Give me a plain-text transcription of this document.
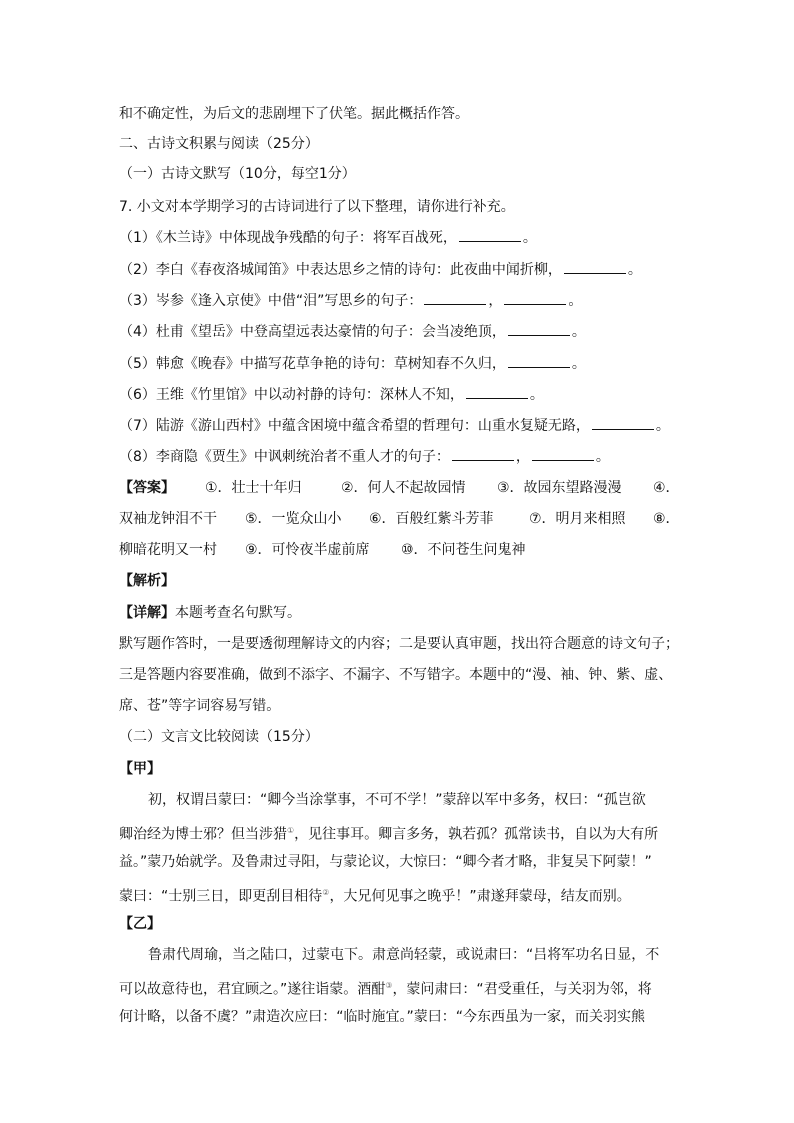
和不确定性，为后文的悲剧埋下了伏笔。据此概括作答。
二、古诗文积累与阅读（25分）
（一）古诗文默写（10分，每空1分）
7. 小文对本学期学习的古诗词进行了以下整理，请你进行补充。
（1）《木兰诗》中体现战争残酷的句子：将军百战死，	。
（2）李白《春夜洛城闻笛》中表达思乡之情的诗句：此夜曲中闻折柳，	。
（3）岑参《逢入京使》中借“泪”写思乡的句子：	，	。
（4）杜甫《望岳》中登高望远表达豪情的句子：会当凌绝顶，	。
（5）韩愈《晚春》中描写花草争艳的诗句：草树知春不久归，	。
（6）王维《竹里馆》中以动衬静的诗句：深林人不知，	。
（7）陆游《游山西村》中蕴含困境中蕴含希望的哲理句：山重水复疑无路，	。
（8）李商隐《贾生》中讽刺统治者不重人才的句子：	，	。
【答案】 ①．壮士十年归	②．何人不起故园情 ③．故园东望路漫漫 ④．
双袖龙钟泪不干 ⑤．一览众山小 ⑥．百般红紫斗芳菲	⑦．明月来相照 ⑧．
柳暗花明又一村 ⑨．可怜夜半虚前席 ⑩．不问苍生问鬼神
【解析】
【详解】本题考查名句默写。
默写题作答时，一是要透彻理解诗文的内容；二是要认真审题，找出符合题意的诗文句子；
三是答题内容要准确，做到不添字、不漏字、不写错字。本题中的“漫、袖、钟、紫、虚、
席、苍”等字词容易写错。
（二）文言文比较阅读（15分）
【甲】
初，权谓吕蒙曰：“卿今当涂掌事，不可不学！”蒙辞以军中多务，权曰：“孤岂欲
卿治经为博士邪？但当涉猎①，见往事耳。卿言多务，孰若孤？孤常读书，自以为大有所
益。”蒙乃始就学。及鲁肃过寻阳，与蒙论议，大惊曰：“卿今者才略，非复吴下阿蒙！”
蒙曰：“士别三日，即更刮目相待②，大兄何见事之晚乎！”肃遂拜蒙母，结友而别。
【乙】
鲁肃代周瑜，当之陆口，过蒙屯下。肃意尚轻蒙，或说肃曰：“吕将军功名日显，不
可以故意待也，君宜顾之。”遂往诣蒙。酒酣③，蒙问肃曰：“君受重任，与关羽为邻，将
何计略，以备不虞？”肃造次应曰：“临时施宜。”蒙曰：“今东西虽为一家，而关羽实熊
